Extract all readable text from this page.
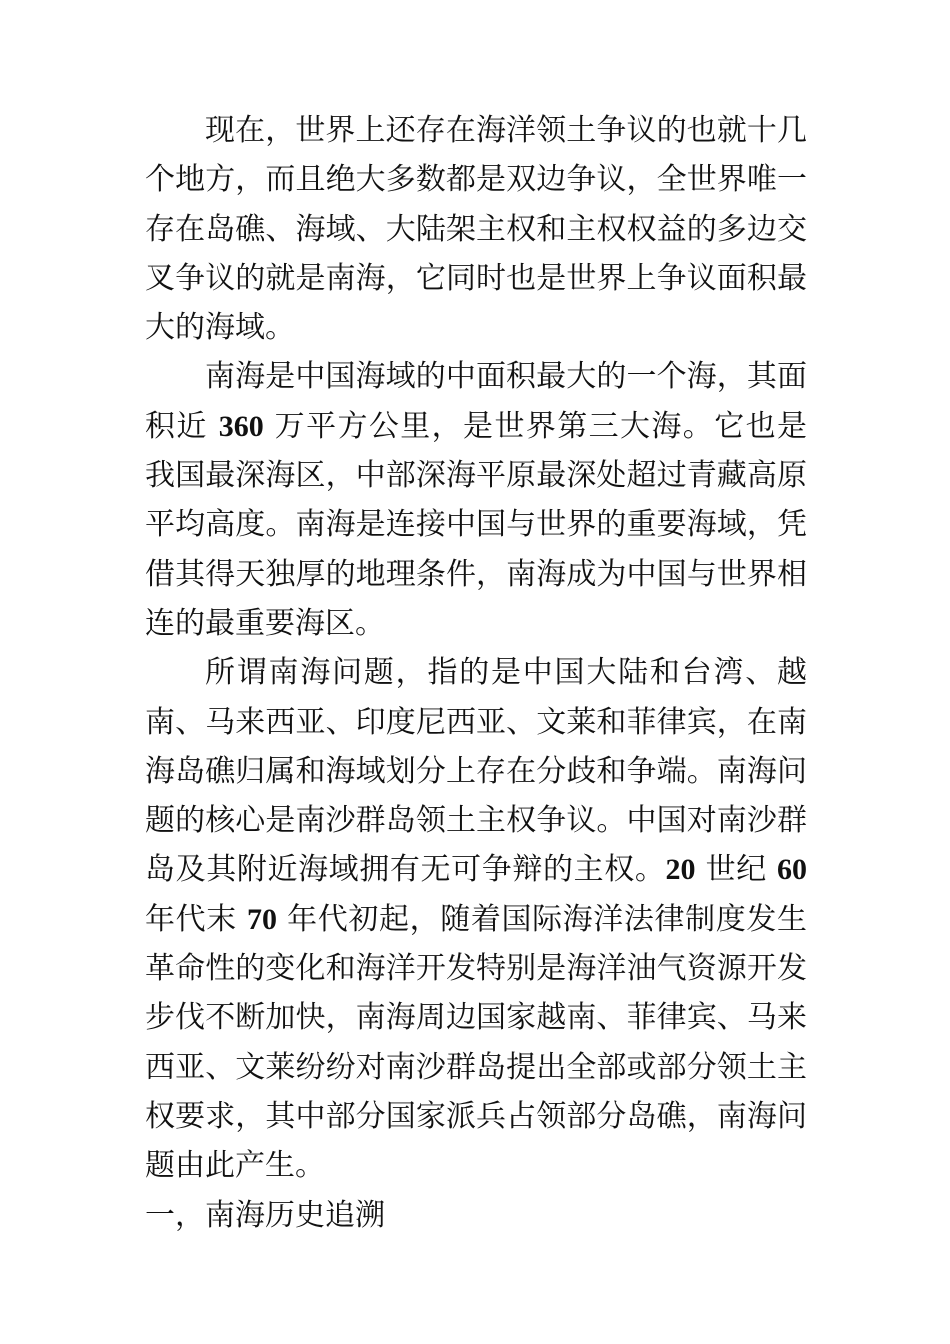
现在，世界上还存在海洋领土争议的也就十几个地方，而且绝大多数都是双边争议，全世界唯一存在岛礁、海域、大陆架主权和主权权益的多边交叉争议的就是南海，它同时也是世界上争议面积最大的海域。

南海是中国海域的中面积最大的一个海，其面积近 360 万平方公里，是世界第三大海。它也是我国最深海区，中部深海平原最深处超过青藏高原平均高度。南海是连接中国与世界的重要海域，凭借其得天独厚的地理条件，南海成为中国与世界相连的最重要海区。

所谓南海问题，指的是中国大陆和台湾、越南、马来西亚、印度尼西亚、文莱和菲律宾，在南海岛礁归属和海域划分上存在分歧和争端。南海问题的核心是南沙群岛领土主权争议。中国对南沙群岛及其附近海域拥有无可争辩的主权。20 世纪 60 年代末 70 年代初起，随着国际海洋法律制度发生革命性的变化和海洋开发特别是海洋油气资源开发步伐不断加快，南海周边国家越南、菲律宾、马来西亚、文莱纷纷对南沙群岛提出全部或部分领土主权要求，其中部分国家派兵占领部分岛礁，南海问题由此产生。

一，南海历史追溯
